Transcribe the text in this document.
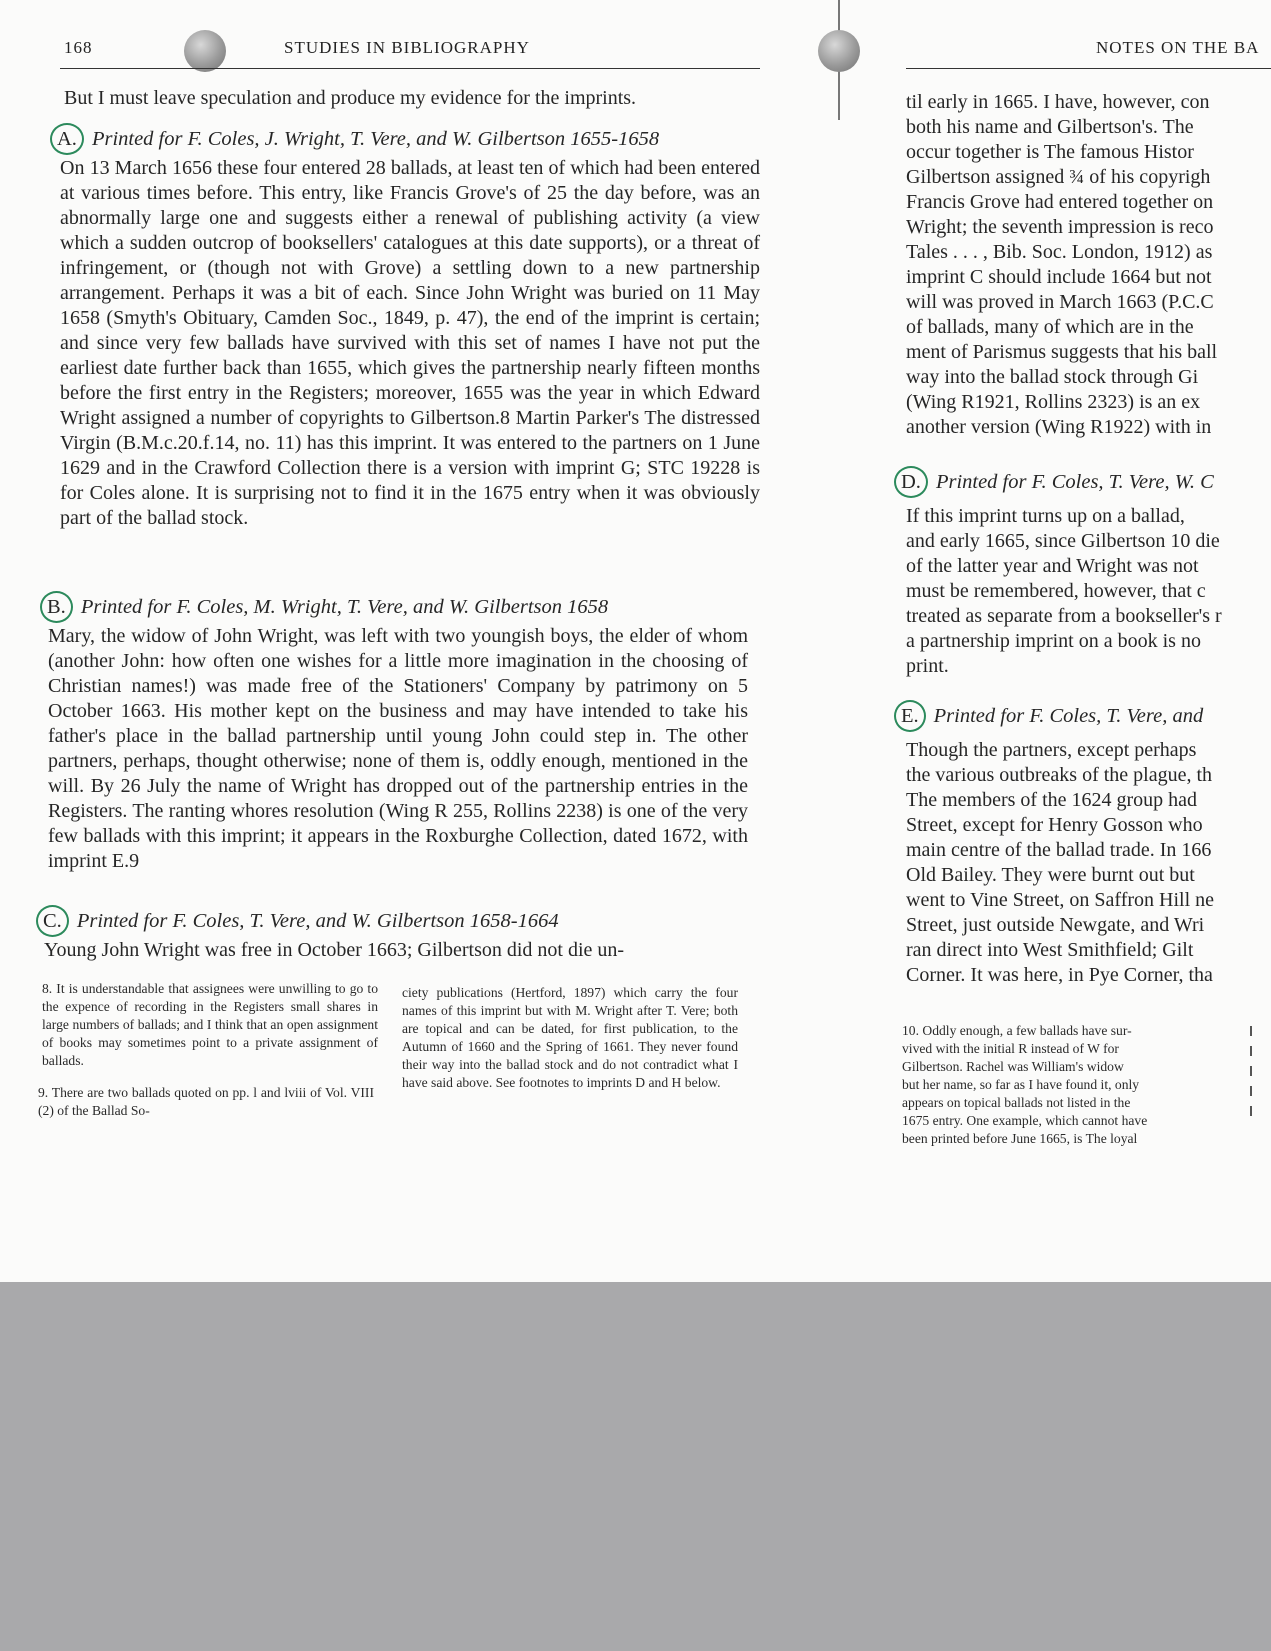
168	STUDIES IN BIBLIOGRAPHY

But I must leave speculation and produce my evidence for the imprints.

A. Printed for F. Coles, J. Wright, T. Vere, and W. Gilbertson 1655-1658

On 13 March 1656 these four entered 28 ballads, at least ten of which had been entered at various times before. This entry, like Francis Grove's of 25 the day before, was an abnormally large one and suggests either a renewal of publishing activity (a view which a sudden outcrop of booksellers' catalogues at this date supports), or a threat of infringement, or (though not with Grove) a settling down to a new partnership arrangement. Perhaps it was a bit of each. Since John Wright was buried on 11 May 1658 (Smyth's Obituary, Camden Soc., 1849, p. 47), the end of the imprint is certain; and since very few ballads have survived with this set of names I have not put the earliest date further back than 1655, which gives the partnership nearly fifteen months before the first entry in the Registers; moreover, 1655 was the year in which Edward Wright assigned a number of copyrights to Gilbertson.8 Martin Parker's The distressed Virgin (B.M.c.20.f.14, no. 11) has this imprint. It was entered to the partners on 1 June 1629 and in the Crawford Collection there is a version with imprint G; STC 19228 is for Coles alone. It is surprising not to find it in the 1675 entry when it was obviously part of the ballad stock.

B. Printed for F. Coles, M. Wright, T. Vere, and W. Gilbertson 1658

Mary, the widow of John Wright, was left with two youngish boys, the elder of whom (another John: how often one wishes for a little more imagination in the choosing of Christian names!) was made free of the Stationers' Company by patrimony on 5 October 1663. His mother kept on the business and may have intended to take his father's place in the ballad partnership until young John could step in. The other partners, perhaps, thought otherwise; none of them is, oddly enough, mentioned in the will. By 26 July the name of Wright has dropped out of the partnership entries in the Registers. The ranting whores resolution (Wing R 255, Rollins 2238) is one of the very few ballads with this imprint; it appears in the Roxburghe Collection, dated 1672, with imprint E.9

C. Printed for F. Coles, T. Vere, and W. Gilbertson 1658-1664

Young John Wright was free in October 1663; Gilbertson did not die un-

8. It is understandable that assignees were unwilling to go to the expence of recording in the Registers small shares in large numbers of ballads; and I think that an open assignment of books may sometimes point to a private assignment of ballads.

9. There are two ballads quoted on pp. l and lviii of Vol. VIII (2) of the Ballad So-

ciety publications (Hertford, 1897) which carry the four names of this imprint but with M. Wright after T. Vere; both are topical and can be dated, for first publication, to the Autumn of 1660 and the Spring of 1661. They never found their way into the ballad stock and do not contradict what I have said above. See footnotes to imprints D and H below.

NOTES ON THE BA
til early in 1665. I have, however, con
both his name and Gilbertson's. The
occur together is The famous Histor
Gilbertson assigned ¾ of his copyrigh
Francis Grove had entered together on
Wright; the seventh impression is reco
Tales . . . , Bib. Soc. London, 1912) as
imprint C should include 1664 but not
will was proved in March 1663 (P.C.C
of ballads, many of which are in the
ment of Parismus suggests that his ball
way into the ballad stock through Gi
(Wing R1921, Rollins 2323) is an ex
another version (Wing R1922) with in

D. Printed for F. Coles, T. Vere, W. C

If this imprint turns up on a ballad,
and early 1665, since Gilbertson 10 die
of the latter year and Wright was not
must be remembered, however, that c
treated as separate from a bookseller's r
a partnership imprint on a book is no
print.

E. Printed for F. Coles, T. Vere, and

Though the partners, except perhaps
the various outbreaks of the plague, th
The members of the 1624 group had
Street, except for Henry Gosson who
main centre of the ballad trade. In 166
Old Bailey. They were burnt out but
went to Vine Street, on Saffron Hill ne
Street, just outside Newgate, and Wri
ran direct into West Smithfield; Gilt
Corner. It was here, in Pye Corner, tha
10. Oddly enough, a few ballads have sur-
vived with the initial R instead of W for
Gilbertson. Rachel was William's widow
but her name, so far as I have found it, only
appears on topical ballads not listed in the
1675 entry. One example, which cannot have
been printed before June 1665, is The loyal
